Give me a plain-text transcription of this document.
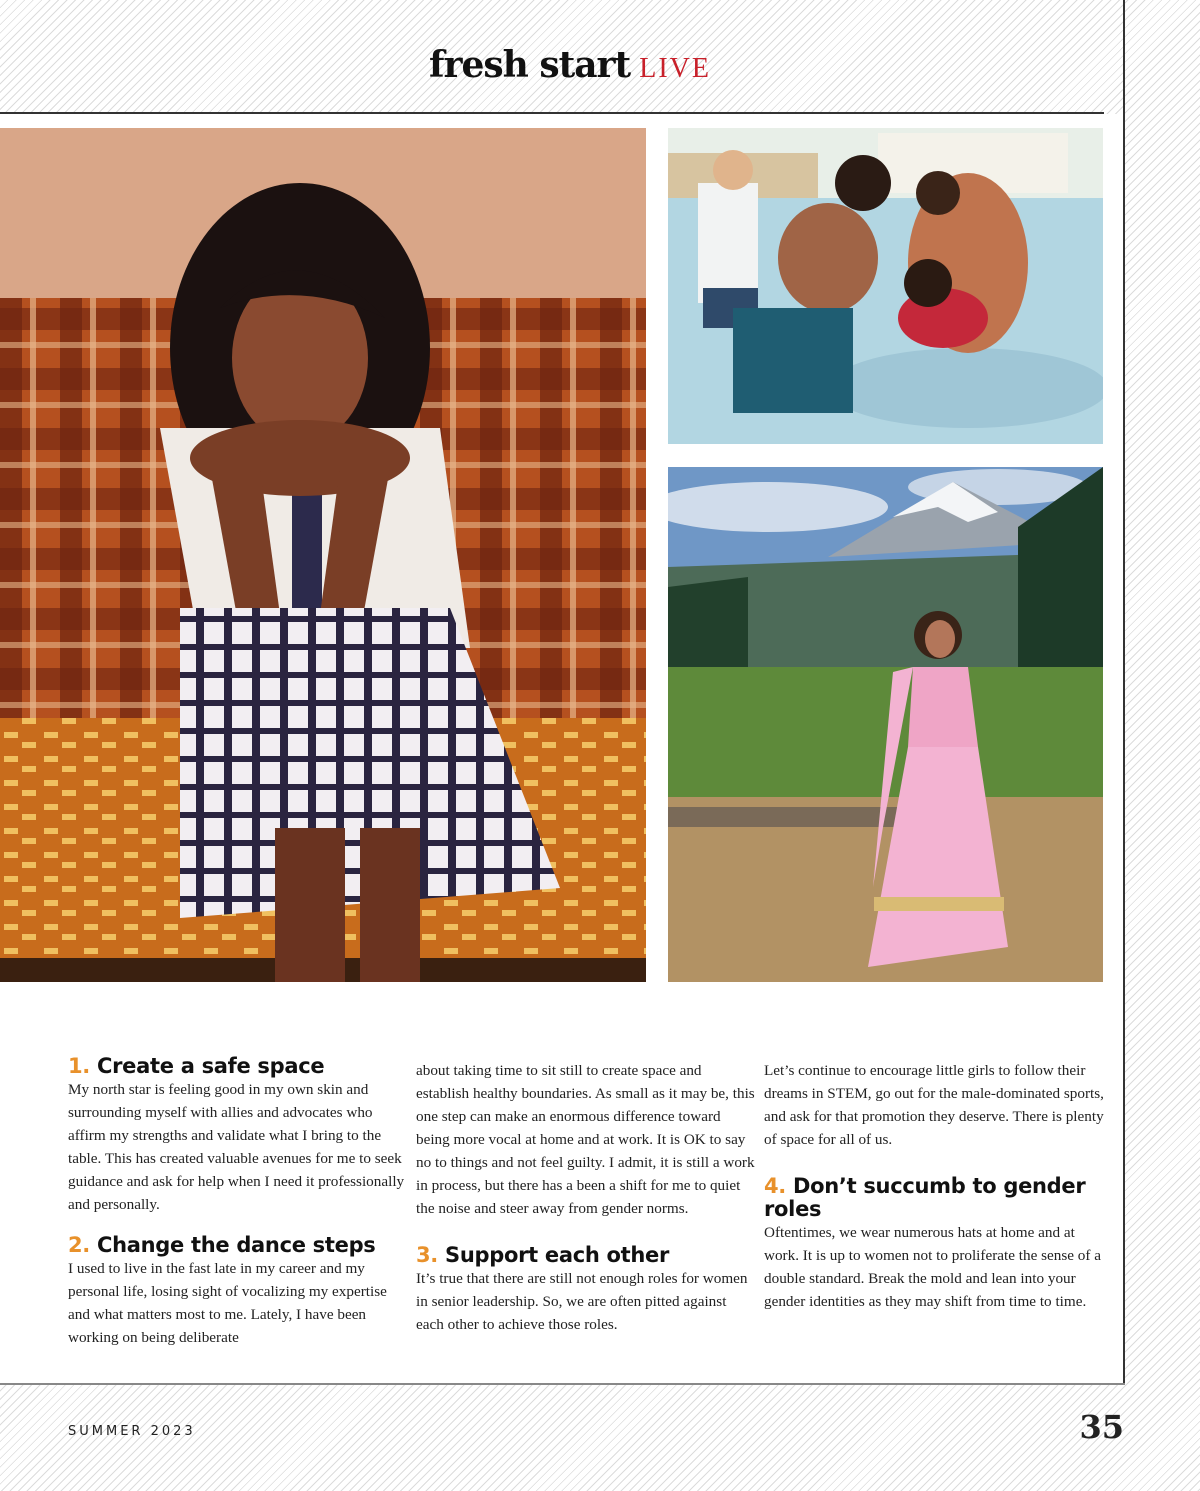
fresh start LIVE
1. Create a safe space

My north star is feeling good in my own skin and surrounding myself with allies and advocates who affirm my strengths and validate what I bring to the table. This has created valuable avenues for me to seek guidance and ask for help when I need it professionally and personally.

2. Change the dance steps

I used to live in the fast late in my career and my personal life, losing sight of vocalizing my expertise and what matters most to me. Lately, I have been working on being deliberate

about taking time to sit still to create space and establish healthy boundaries. As small as it may be, this one step can make an enormous difference toward being more vocal at home and at work. It is OK to say no to things and not feel guilty. I admit, it is still a work in process, but there has a been a shift for me to quiet the noise and steer away from gender norms.

3. Support each other

It’s true that there are still not enough roles for women in senior leadership. So, we are often pitted against each other to achieve those roles.

Let’s continue to encourage little girls to follow their dreams in STEM, go out for the male-dominated sports, and ask for that promotion they deserve. There is plenty of space for all of us.

4. Don’t succumb to gender roles

Oftentimes, we wear numerous hats at home and at work. It is up to women not to proliferate the sense of a double standard. Break the mold and lean into your gender identities as they may shift from time to time.

SUMMER 2023	35
